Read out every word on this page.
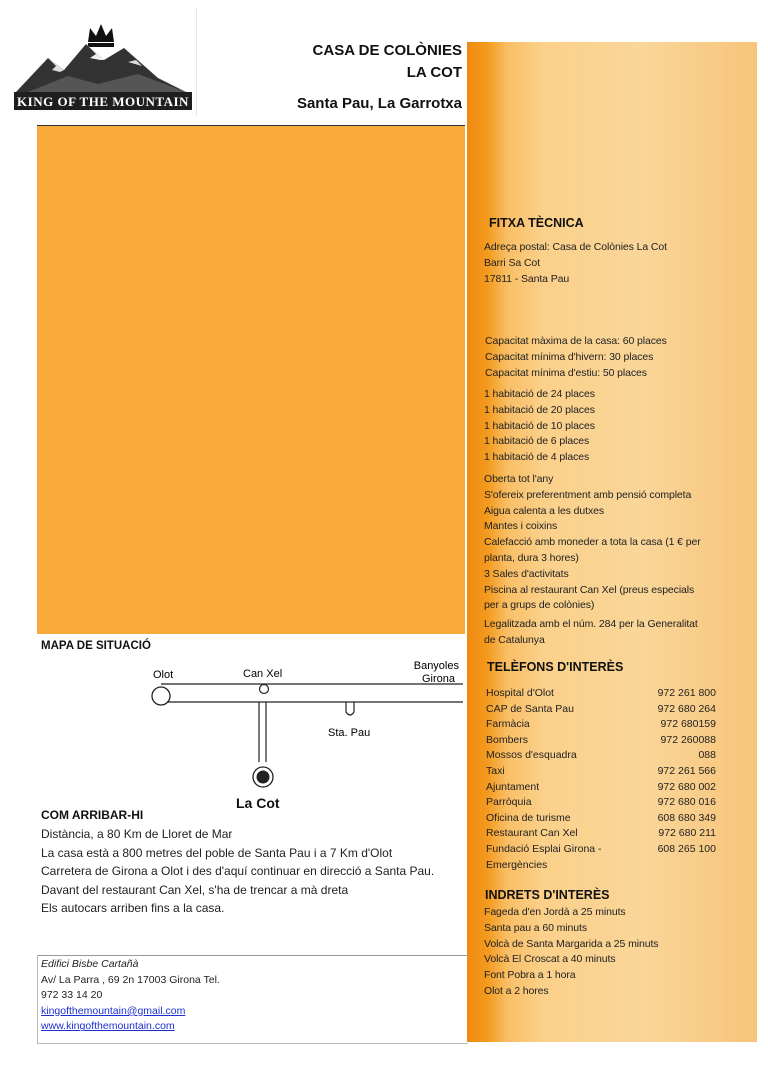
KING OF THE MOUNTAIN
CASA DE COLÒNIES
LA COT
Santa Pau, La Garrotxa
FITXA TÈCNICA
Adreça postal: Casa de Colònies La Cot
Barri Sa Cot
17811 - Santa Pau
Capacitat màxima de la casa: 60 places
Capacitat mínima d'hivern: 30 places
Capacitat mínima d'estiu: 50 places
1 habitació de 24 places
1 habitació de 20 places
1 habitació de 10 places
1 habitació de 6 places
1 habitació de 4 places
Oberta tot l'any
S'ofereix preferentment amb pensió completa
Aigua calenta a les dutxes
Mantes i coixins
Calefacció amb moneder a tota la casa (1 € per
planta, dura 3 hores)
3 Sales d'activitats
Piscina al restaurant Can Xel (preus especials
per a grups de colònies)
Legalitzada amb el núm. 284 per la Generalitat
de Catalunya
TELÈFONS D'INTERÈS
Hospital d'Olot	972 261 800
CAP de Santa Pau	972 680 264
Farmàcia	972 680159
Bombers	972 260088
Mossos d'esquadra	088
Taxi	972 261 566
Ajuntament	972 680 002
Parròquia	972 680 016
Oficina de turisme	608 680 349
Restaurant Can Xel	972 680 211
Fundació Esplai Girona - Emergències	608 265 100
INDRETS D'INTERÈS
Fageda d'en Jordà a 25 minuts
Santa pau a 60 minuts
Volcà de Santa Margarida a 25 minuts
Volcà El Croscat a 40 minuts
Font Pobra a 1 hora
Olot a 2 hores
MAPA DE SITUACIÓ
Olot	Can Xel
Banyoles
Girona
Sta. Pau
La Cot
COM ARRIBAR-HI
Distància, a 80 Km de Lloret de Mar
La casa està a 800 metres del poble de Santa Pau i a 7 Km d'Olot
Carretera de Girona a Olot i des d'aquí continuar en direcció a Santa Pau.
Davant del restaurant Can Xel, s'ha de trencar a mà dreta
Els autocars arriben fins a la casa.
Edifici Bisbe Cartañà
Av/ La Parra , 69 2n 17003 Girona Tel.
972 33 14 20
kingofthemountain@gmail.com
www.kingofthemountain.com
